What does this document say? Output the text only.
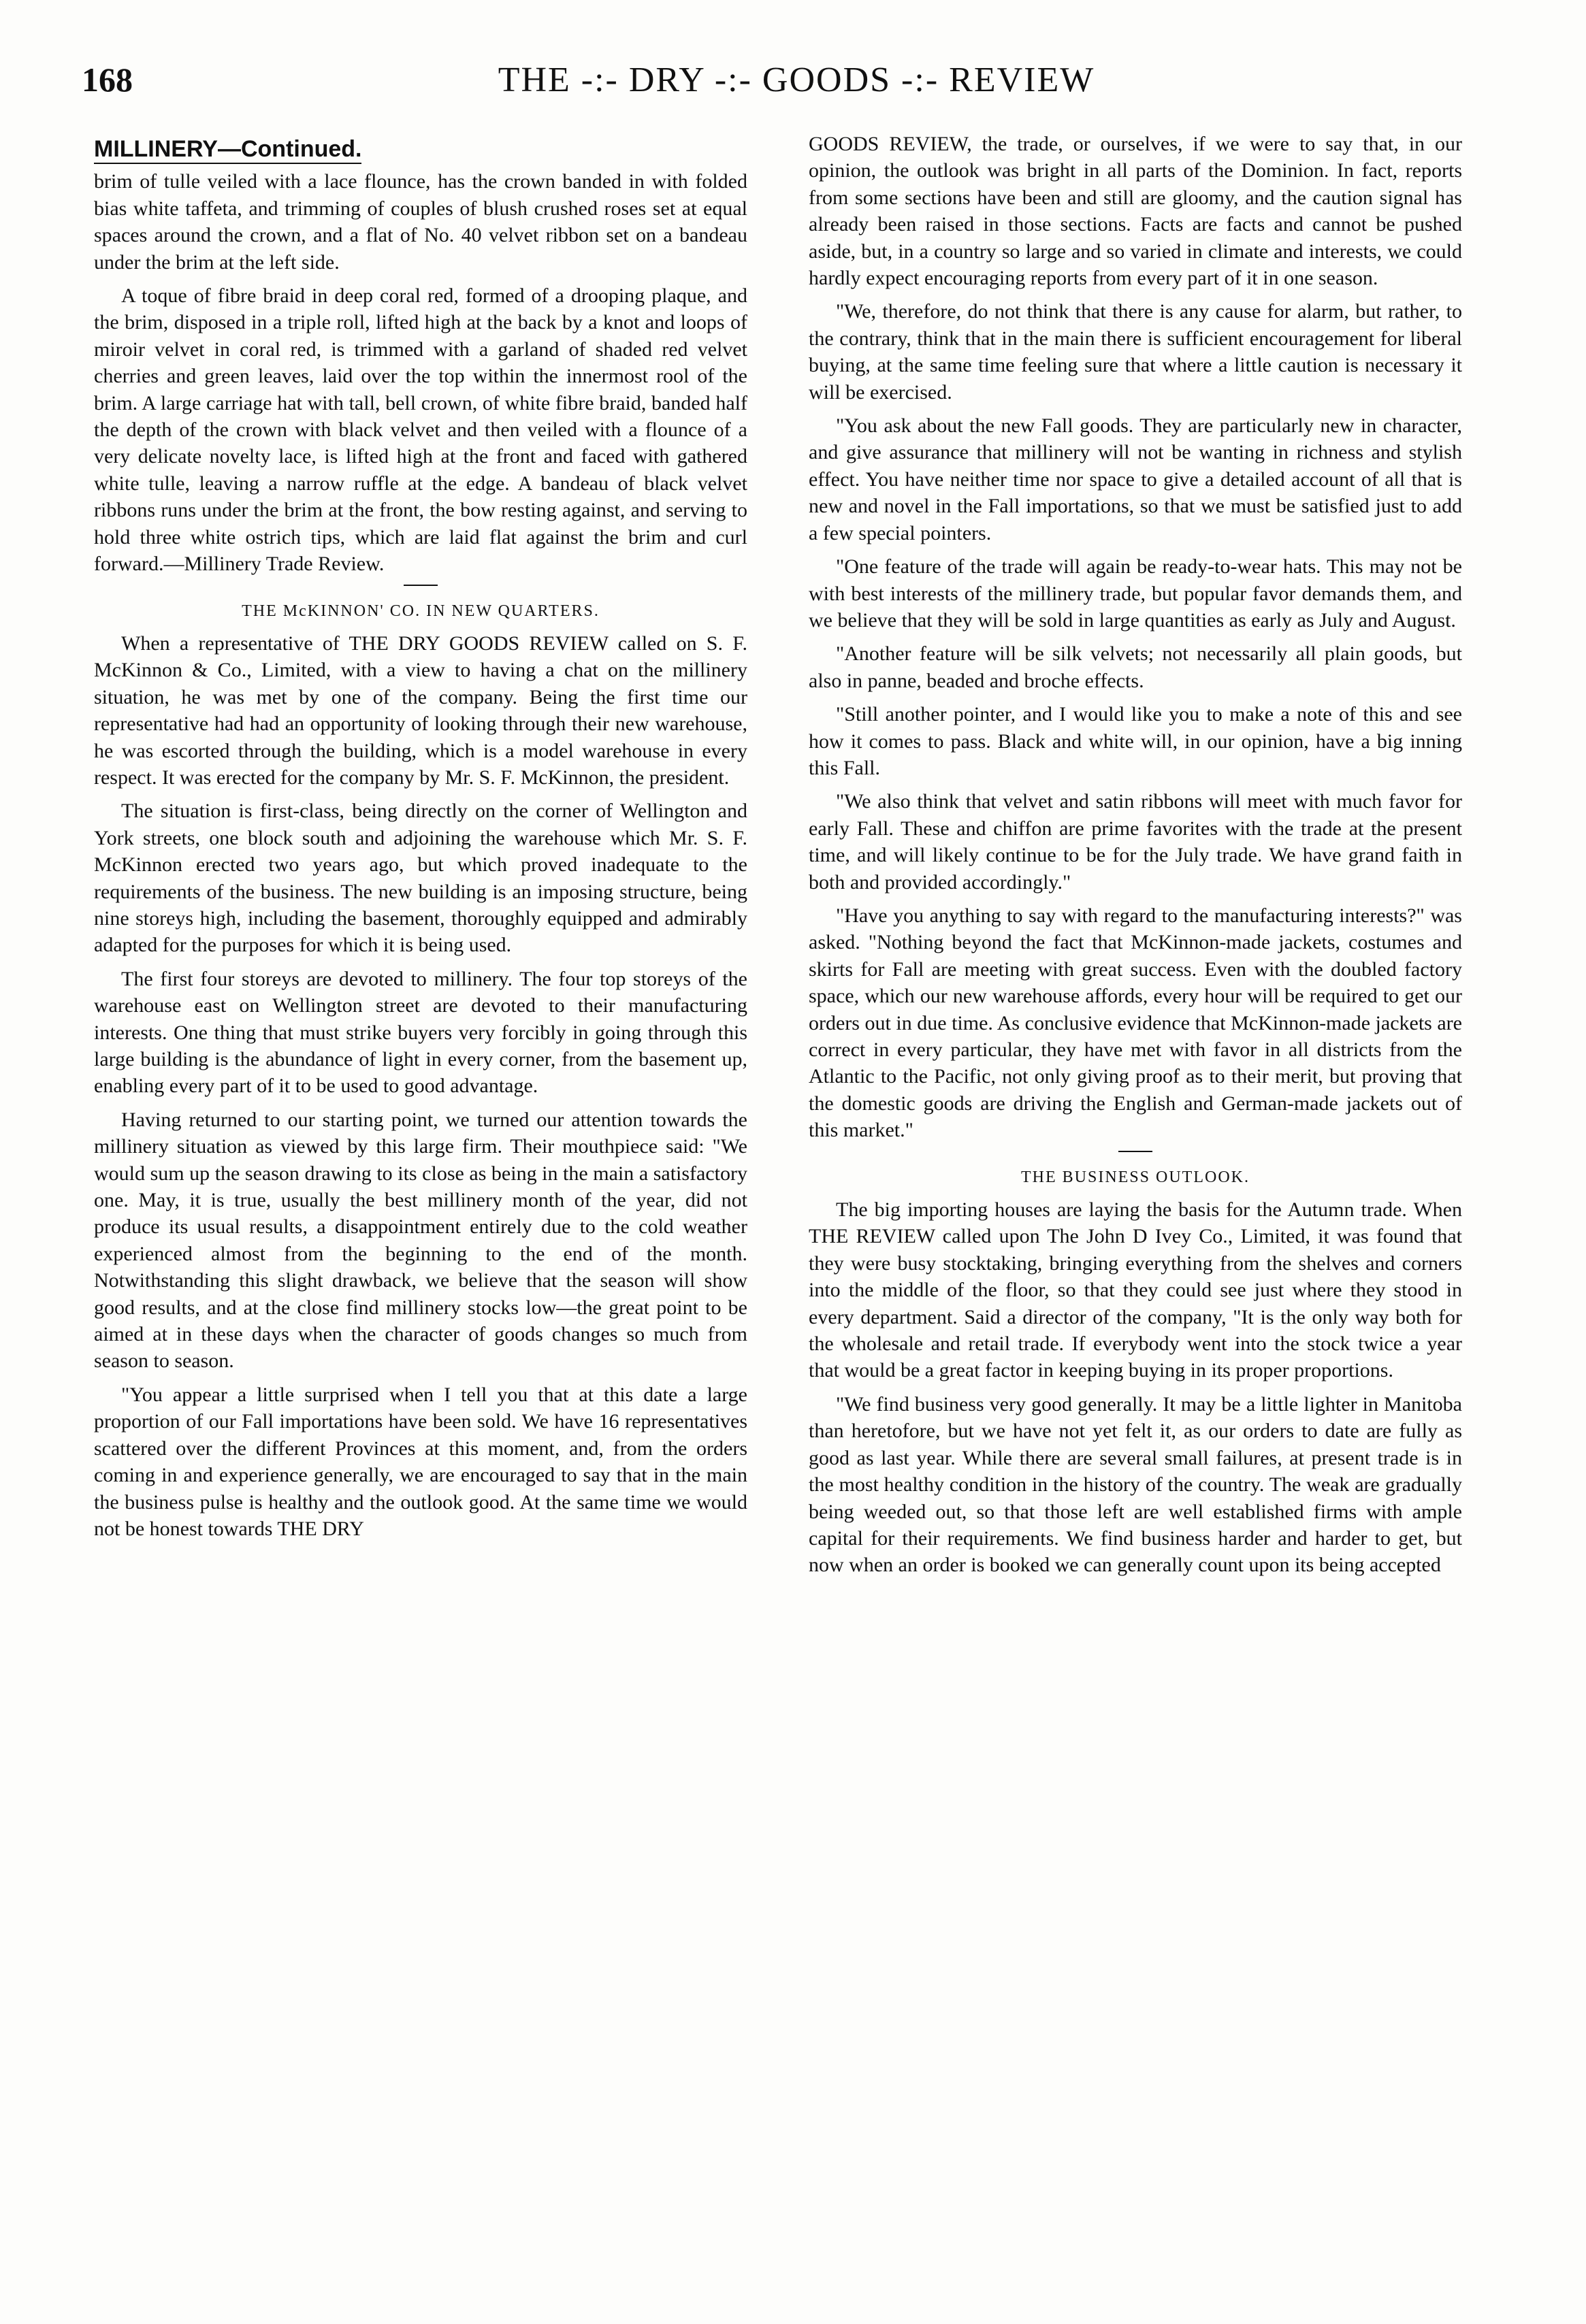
168	THE -:- DRY -:- GOODS -:- REVIEW
MILLINERY—Continued.

brim of tulle veiled with a lace flounce, has the crown banded in with folded bias white taffeta, and trimming of couples of blush crushed roses set at equal spaces around the crown, and a flat of No. 40 velvet ribbon set on a bandeau under the brim at the left side.

A toque of fibre braid in deep coral red, formed of a drooping plaque, and the brim, disposed in a triple roll, lifted high at the back by a knot and loops of miroir velvet in coral red, is trimmed with a garland of shaded red velvet cherries and green leaves, laid over the top within the innermost rool of the brim. A large carriage hat with tall, bell crown, of white fibre braid, banded half the depth of the crown with black velvet and then veiled with a flounce of a very delicate novelty lace, is lifted high at the front and faced with gathered white tulle, leaving a narrow ruffle at the edge. A bandeau of black velvet ribbons runs under the brim at the front, the bow resting against, and serving to hold three white ostrich tips, which are laid flat against the brim and curl forward.—Millinery Trade Review.

THE McKINNON' CO. IN NEW QUARTERS.

When a representative of THE DRY GOODS REVIEW called on S. F. McKinnon & Co., Limited, with a view to having a chat on the millinery situation, he was met by one of the company. Being the first time our representative had had an opportunity of looking through their new warehouse, he was escorted through the building, which is a model warehouse in every respect. It was erected for the company by Mr. S. F. McKinnon, the president.

The situation is first-class, being directly on the corner of Wellington and York streets, one block south and adjoining the warehouse which Mr. S. F. McKinnon erected two years ago, but which proved inadequate to the requirements of the business. The new building is an imposing structure, being nine storeys high, including the basement, thoroughly equipped and admirably adapted for the purposes for which it is being used.

The first four storeys are devoted to millinery. The four top storeys of the warehouse east on Wellington street are devoted to their manufacturing interests. One thing that must strike buyers very forcibly in going through this large building is the abundance of light in every corner, from the basement up, enabling every part of it to be used to good advantage.

Having returned to our starting point, we turned our attention towards the millinery situation as viewed by this large firm. Their mouthpiece said: "We would sum up the season drawing to its close as being in the main a satisfactory one. May, it is true, usually the best millinery month of the year, did not produce its usual results, a disappointment entirely due to the cold weather experienced almost from the beginning to the end of the month. Notwithstanding this slight drawback, we believe that the season will show good results, and at the close find millinery stocks low—the great point to be aimed at in these days when the character of goods changes so much from season to season.

"You appear a little surprised when I tell you that at this date a large proportion of our Fall importations have been sold. We have 16 representatives scattered over the different Provinces at this moment, and, from the orders coming in and experience generally, we are encouraged to say that in the main the business pulse is healthy and the outlook good. At the same time we would not be honest towards THE DRY

GOODS REVIEW, the trade, or ourselves, if we were to say that, in our opinion, the outlook was bright in all parts of the Dominion. In fact, reports from some sections have been and still are gloomy, and the caution signal has already been raised in those sections. Facts are facts and cannot be pushed aside, but, in a country so large and so varied in climate and interests, we could hardly expect encouraging reports from every part of it in one season.

"We, therefore, do not think that there is any cause for alarm, but rather, to the contrary, think that in the main there is sufficient encouragement for liberal buying, at the same time feeling sure that where a little caution is necessary it will be exercised.

"You ask about the new Fall goods. They are particularly new in character, and give assurance that millinery will not be wanting in richness and stylish effect. You have neither time nor space to give a detailed account of all that is new and novel in the Fall importations, so that we must be satisfied just to add a few special pointers.

"One feature of the trade will again be ready-to-wear hats. This may not be with best interests of the millinery trade, but popular favor demands them, and we believe that they will be sold in large quantities as early as July and August.

"Another feature will be silk velvets; not necessarily all plain goods, but also in panne, beaded and broche effects.

"Still another pointer, and I would like you to make a note of this and see how it comes to pass. Black and white will, in our opinion, have a big inning this Fall.

"We also think that velvet and satin ribbons will meet with much favor for early Fall. These and chiffon are prime favorites with the trade at the present time, and will likely continue to be for the July trade. We have grand faith in both and provided accordingly."

"Have you anything to say with regard to the manufacturing interests?" was asked. "Nothing beyond the fact that McKinnon-made jackets, costumes and skirts for Fall are meeting with great success. Even with the doubled factory space, which our new warehouse affords, every hour will be required to get our orders out in due time. As conclusive evidence that McKinnon-made jackets are correct in every particular, they have met with favor in all districts from the Atlantic to the Pacific, not only giving proof as to their merit, but proving that the domestic goods are driving the English and German-made jackets out of this market."

THE BUSINESS OUTLOOK.

The big importing houses are laying the basis for the Autumn trade. When THE REVIEW called upon The John D Ivey Co., Limited, it was found that they were busy stocktaking, bringing everything from the shelves and corners into the middle of the floor, so that they could see just where they stood in every department. Said a director of the company, "It is the only way both for the wholesale and retail trade. If everybody went into the stock twice a year that would be a great factor in keeping buying in its proper proportions.

"We find business very good generally. It may be a little lighter in Manitoba than heretofore, but we have not yet felt it, as our orders to date are fully as good as last year. While there are several small failures, at present trade is in the most healthy condition in the history of the country. The weak are gradually being weeded out, so that those left are well established firms with ample capital for their requirements. We find business harder and harder to get, but now when an order is booked we can generally count upon its being accepted
